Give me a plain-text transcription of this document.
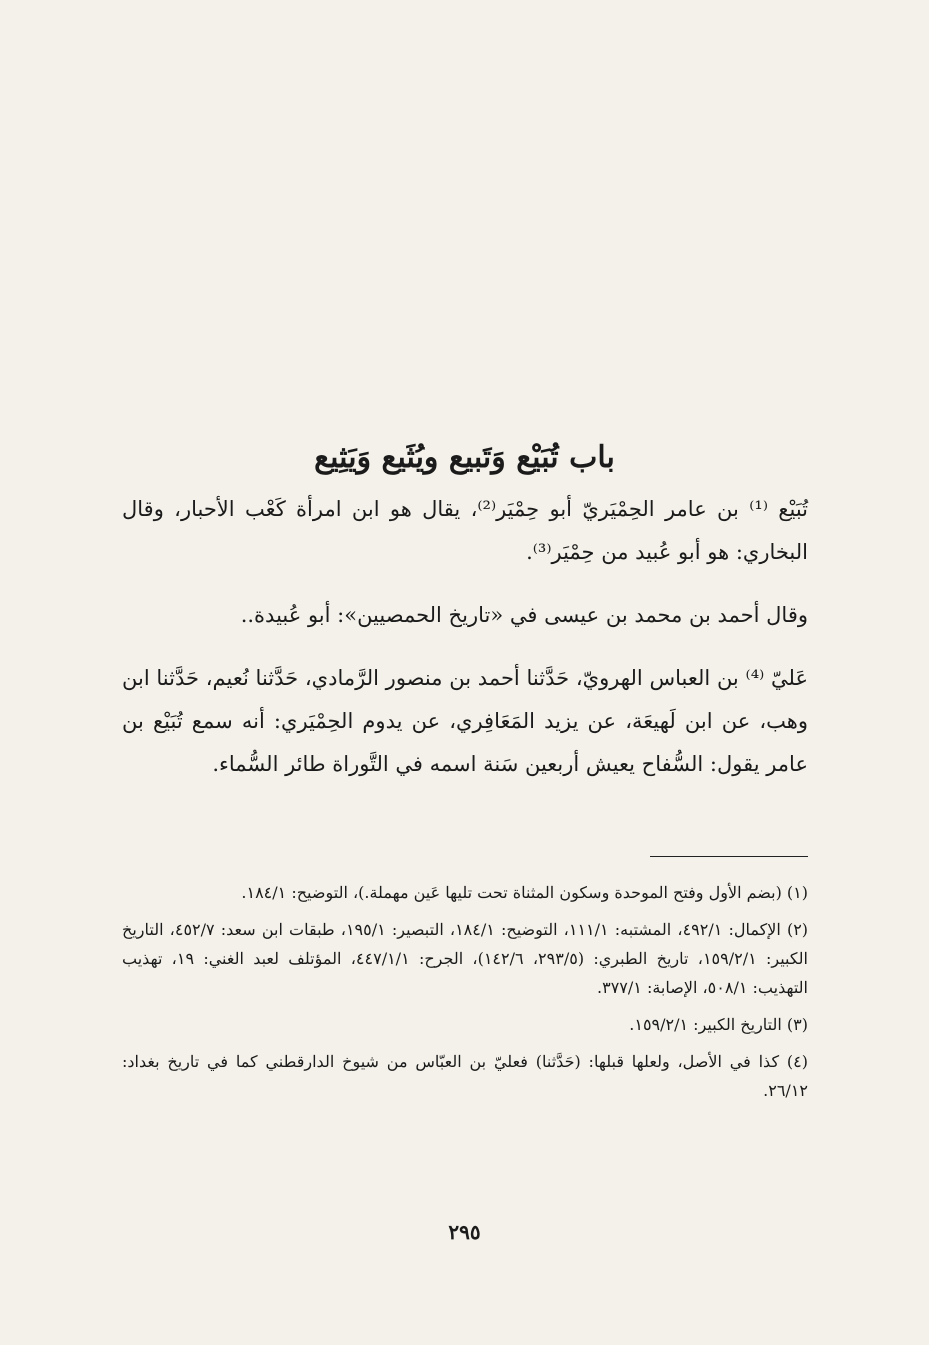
باب تُبَيْع وَتَبيع ويُثَيع وَيَثِيع

تُبَيْع ⁽¹⁾ بن عامر الحِمْيَريّ أبو حِمْيَر⁽²⁾، يقال هو ابن امرأة كَعْب الأحبار، وقال البخاري: هو أبو عُبيد من حِمْيَر⁽³⁾.

وقال أحمد بن محمد بن عيسى في «تاريخ الحمصيين»: أبو عُبيدة..

عَليّ ⁽⁴⁾ بن العباس الهرويّ، حَدَّثنا أحمد بن منصور الرَّمادي، حَدَّثنا نُعيم، حَدَّثنا ابن وهب، عن ابن لَهيعَة، عن يزيد المَعَافِري، عن يدوم الحِمْيَري: أنه سمع تُبَيْع بن عامر يقول: السُّفاح يعيش أربعين سَنة اسمه في التَّوراة طائر السُّماء.

(١) (بضم الأول وفتح الموحدة وسكون المثناة تحت تليها عَين مهملة.)، التوضيح: ١٨٤/١.

(٢) الإكمال: ٤٩٢/١، المشتبه: ١١١/١، التوضيح: ١٨٤/١، التبصير: ١٩٥/١، طبقات ابن سعد: ٤٥٢/٧، التاريخ الكبير: ١٥٩/٢/١، تاريخ الطبري: (٢٩٣/٥، ١٤٢/٦)، الجرح: ٤٤٧/١/١، المؤتلف لعبد الغني: ١٩، تهذيب التهذيب: ٥٠٨/١، الإصابة: ٣٧٧/١.

(٣) التاريخ الكبير: ١٥٩/٢/١.

(٤) كذا في الأصل، ولعلها قبلها: (حَدَّثنا) فعليّ بن العبّاس من شيوخ الدارقطني كما في تاريخ بغداد: ٢٦/١٢.

٢٩٥
